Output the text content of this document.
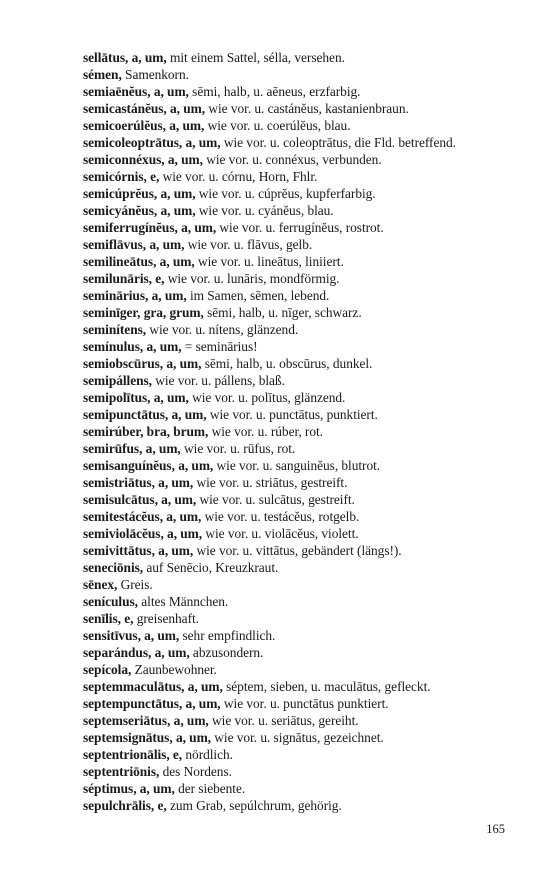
sellātus, a, um, mit einem Sattel, séllа, versehen.
sémen, Samenkorn.
semiaēnĕus, a, um, sēmi, halb, u. aēneus, erzfarbig.
semicastánĕus, a, um, wie vor. u. castánĕus, kastanienbraun.
semicoerúlĕus, a, um, wie vor. u. coerúlĕus, blau.
semicoleoptrātus, a, um, wie vor. u. coleoptrātus, die Fld. betreffend.
semiconnéxus, a, um, wie vor. u. connéxus, verbunden.
semicórnis, e, wie vor. u. córnu, Horn, Fhlr.
semicúprĕus, a, um, wie vor. u. cúprĕus, kupferfarbig.
semicyánĕus, a, um, wie vor. u. cyánĕus, blau.
semiferrugínĕus, a, um, wie vor. u. ferrugínĕus, rostrot.
semiflāvus, a, um, wie vor. u. flāvus, gelb.
semilineātus, a, um, wie vor. u. lineātus, liniiert.
semilunāris, e, wie vor. u. lunāris, mondförmig.
seminārius, a, um, im Samen, sēmen, lebend.
seminīger, gra, grum, sēmi, halb, u. nīger, schwarz.
seminítens, wie vor. u. nítens, glänzend.
semínulus, a, um, = seminārius!
semiobscūrus, a, um, sēmi, halb, u. obscūrus, dunkel.
semipállens, wie vor. u. pállens, blaß.
semipolītus, a, um, wie vor. u. polītus, glänzend.
semipunctātus, a, um, wie vor. u. punctātus, punktiert.
semirúber, bra, brum, wie vor. u. rúber, rot.
semirūfus, a, um, wie vor. u. rūfus, rot.
semisanguínĕus, a, um, wie vor. u. sanguinĕus, blutrot.
semistriātus, a, um, wie vor. u. striātus, gestreift.
semisulcātus, a, um, wie vor. u. sulcātus, gestreift.
semitestácĕus, a, um, wie vor. u. testácĕus, rotgelb.
semiviolācĕus, a, um, wie vor. u. violācĕus, violett.
semivittātus, a, um, wie vor. u. vittātus, gebändert (längs!).
seneciōnis, auf Senēcio, Kreuzkraut.
sēnex, Greis.
seníсulus, altes Männchen.
senīlis, e, greisenhaft.
sensitīvus, a, um, sehr empfindlich.
separándus, a, um, abzusondern.
sepícola, Zaunbewohner.
septemmaculātus, a, um, séptem, sieben, u. maculātus, gefleckt.
septempunctātus, a, um, wie vor. u. punctātus punktiert.
septemseriātus, a, um, wie vor. u. seriātus, gereiht.
septemsignātus, a, um, wie vor. u. signātus, gezeichnet.
septentrionālis, e, nördlich.
septentriōnis, des Nordens.
séptimus, a, um, der siebente.
sepulchrālis, e, zum Grab, sepúlchrum, gehörig.
165
